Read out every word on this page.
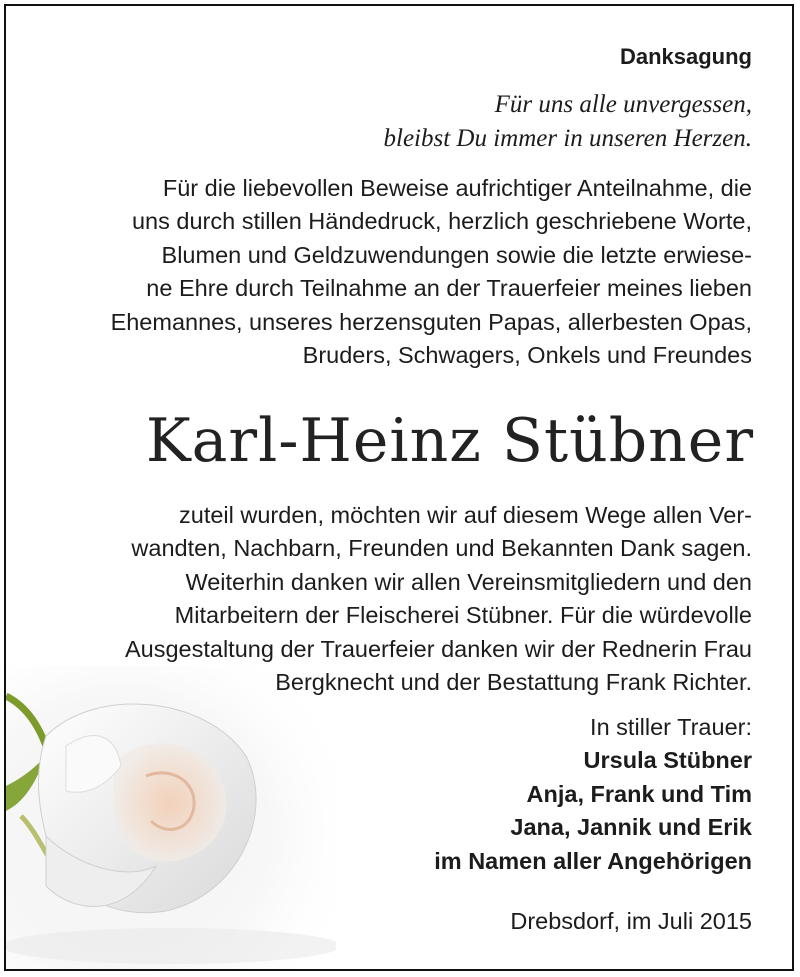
Danksagung
Für uns alle unvergessen,
bleibst Du immer in unseren Herzen.
Für die liebevollen Beweise aufrichtiger Anteilnahme, die
uns durch stillen Händedruck, herzlich geschriebene Worte,
Blumen und Geldzuwendungen sowie die letzte erwiese-
ne Ehre durch Teilnahme an der Trauerfeier meines lieben
Ehemannes, unseres herzensguten Papas, allerbesten Opas,
Bruders, Schwagers, Onkels und Freundes
Karl-Heinz Stübner
zuteil wurden, möchten wir auf diesem Wege allen Ver-
wandten, Nachbarn, Freunden und Bekannten Dank sagen.
Weiterhin danken wir allen Vereinsmitgliedern und den
Mitarbeitern der Fleischerei Stübner. Für die würdevolle
Ausgestaltung der Trauerfeier danken wir der Rednerin Frau
Bergknecht und der Bestattung Frank Richter.
In stiller Trauer:
Ursula Stübner
Anja, Frank und Tim
Jana, Jannik und Erik
im Namen aller Angehörigen
Drebsdorf, im Juli 2015
